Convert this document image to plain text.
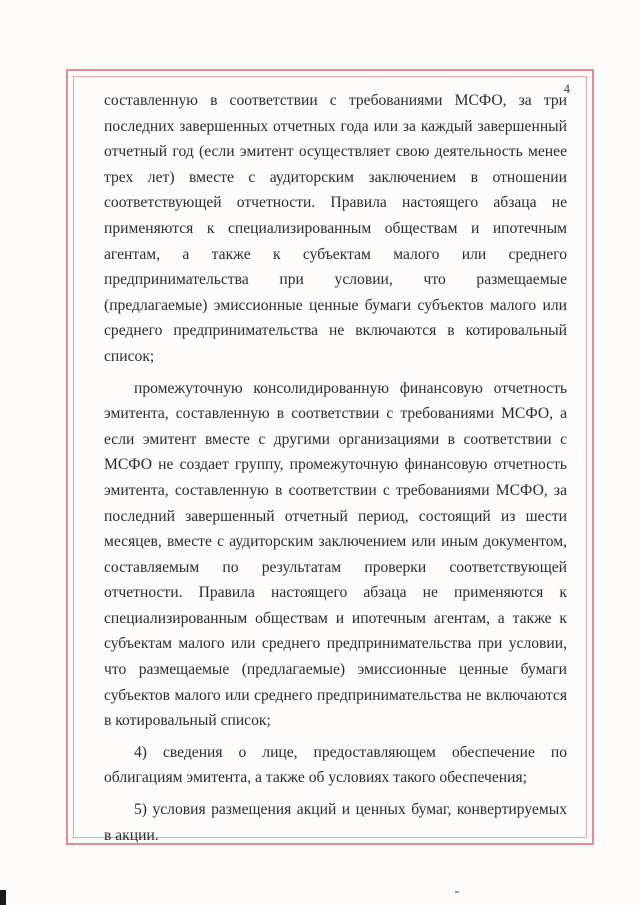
4

составленную в соответствии с требованиями МСФО, за три последних завершенных отчетных года или за каждый завершенный отчетный год (если эмитент осуществляет свою деятельность менее трех лет) вместе с аудиторским заключением в отношении соответствующей отчетности. Правила настоящего абзаца не применяются к специализированным обществам и ипотечным агентам, а также к субъектам малого или среднего предпринимательства при условии, что размещаемые (предлагаемые) эмиссионные ценные бумаги субъектов малого или среднего предпринимательства не включаются в котировальный список;

промежуточную консолидированную финансовую отчетность эмитента, составленную в соответствии с требованиями МСФО, а если эмитент вместе с другими организациями в соответствии с МСФО не создает группу, промежуточную финансовую отчетность эмитента, составленную в соответствии с требованиями МСФО, за последний завершенный отчетный период, состоящий из шести месяцев, вместе с аудиторским заключением или иным документом, составляемым по результатам проверки соответствующей отчетности. Правила настоящего абзаца не применяются к специализированным обществам и ипотечным агентам, а также к субъектам малого или среднего предпринимательства при условии, что размещаемые (предлагаемые) эмиссионные ценные бумаги субъектов малого или среднего предпринимательства не включаются в котировальный список;

4) сведения о лице, предоставляющем обеспечение по облигациям эмитента, а также об условиях такого обеспечения;

5) условия размещения акций и ценных бумаг, конвертируемых в акции.
